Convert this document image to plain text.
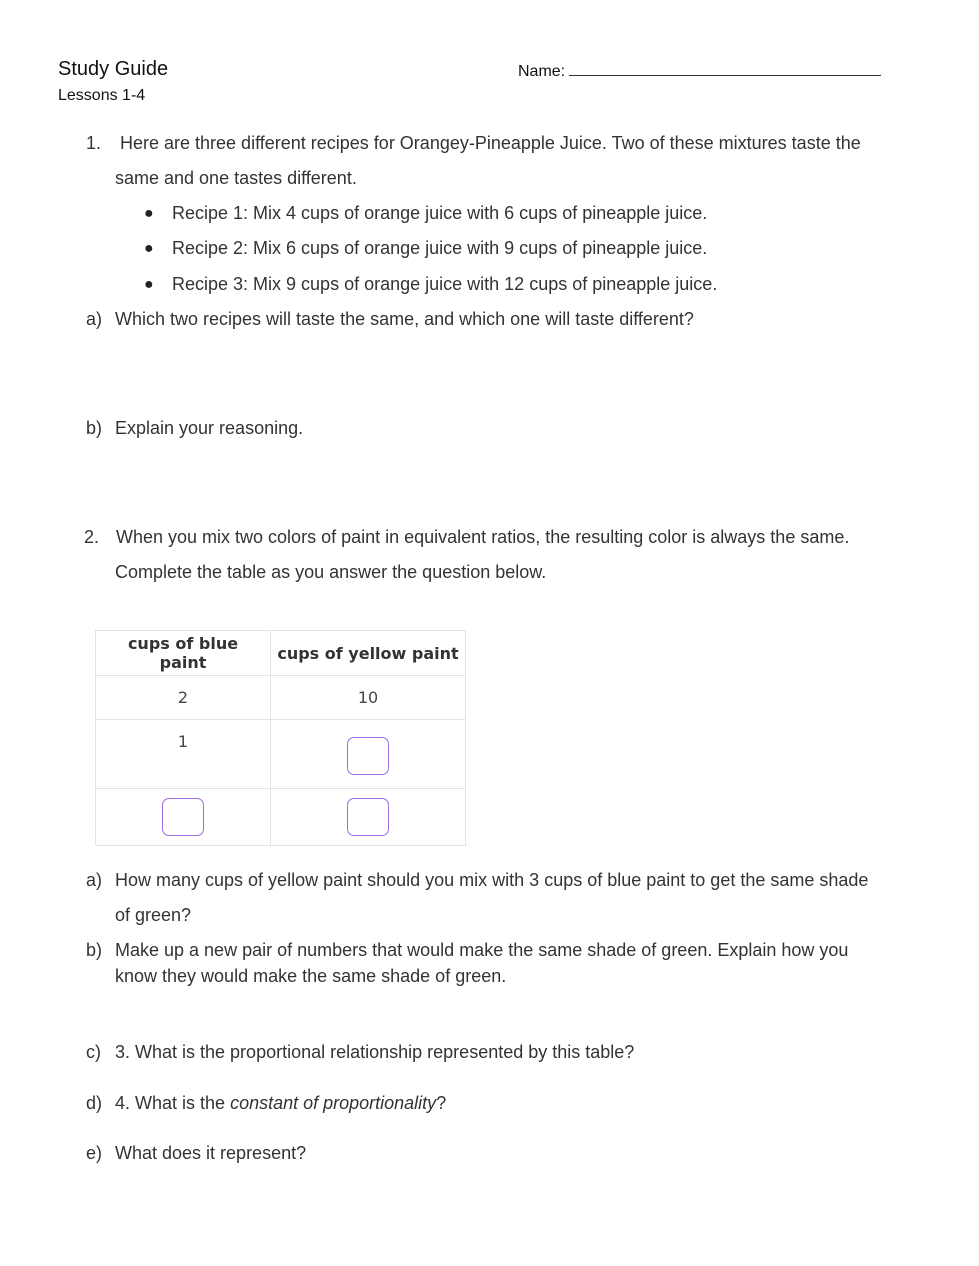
Study Guide
Lessons 1-4
Name:
1. Here are three different recipes for Orangey-Pineapple Juice. Two of these mixtures taste the
same and one tastes different.
● Recipe 1: Mix 4 cups of orange juice with 6 cups of pineapple juice.
● Recipe 2: Mix 6 cups of orange juice with 9 cups of pineapple juice.
● Recipe 3: Mix 9 cups of orange juice with 12 cups of pineapple juice.
a) Which two recipes will taste the same, and which one will taste different?
b) Explain your reasoning.
2. When you mix two colors of paint in equivalent ratios, the resulting color is always the same.
Complete the table as you answer the question below.
cups of blue paint	cups of yellow paint
2	10
1	

a) How many cups of yellow paint should you mix with 3 cups of blue paint to get the same shade
of green?
b) Make up a new pair of numbers that would make the same shade of green. Explain how you
know they would make the same shade of green.
c) 3. What is the proportional relationship represented by this table?
d) 4. What is the constant of proportionality?
e) What does it represent?
